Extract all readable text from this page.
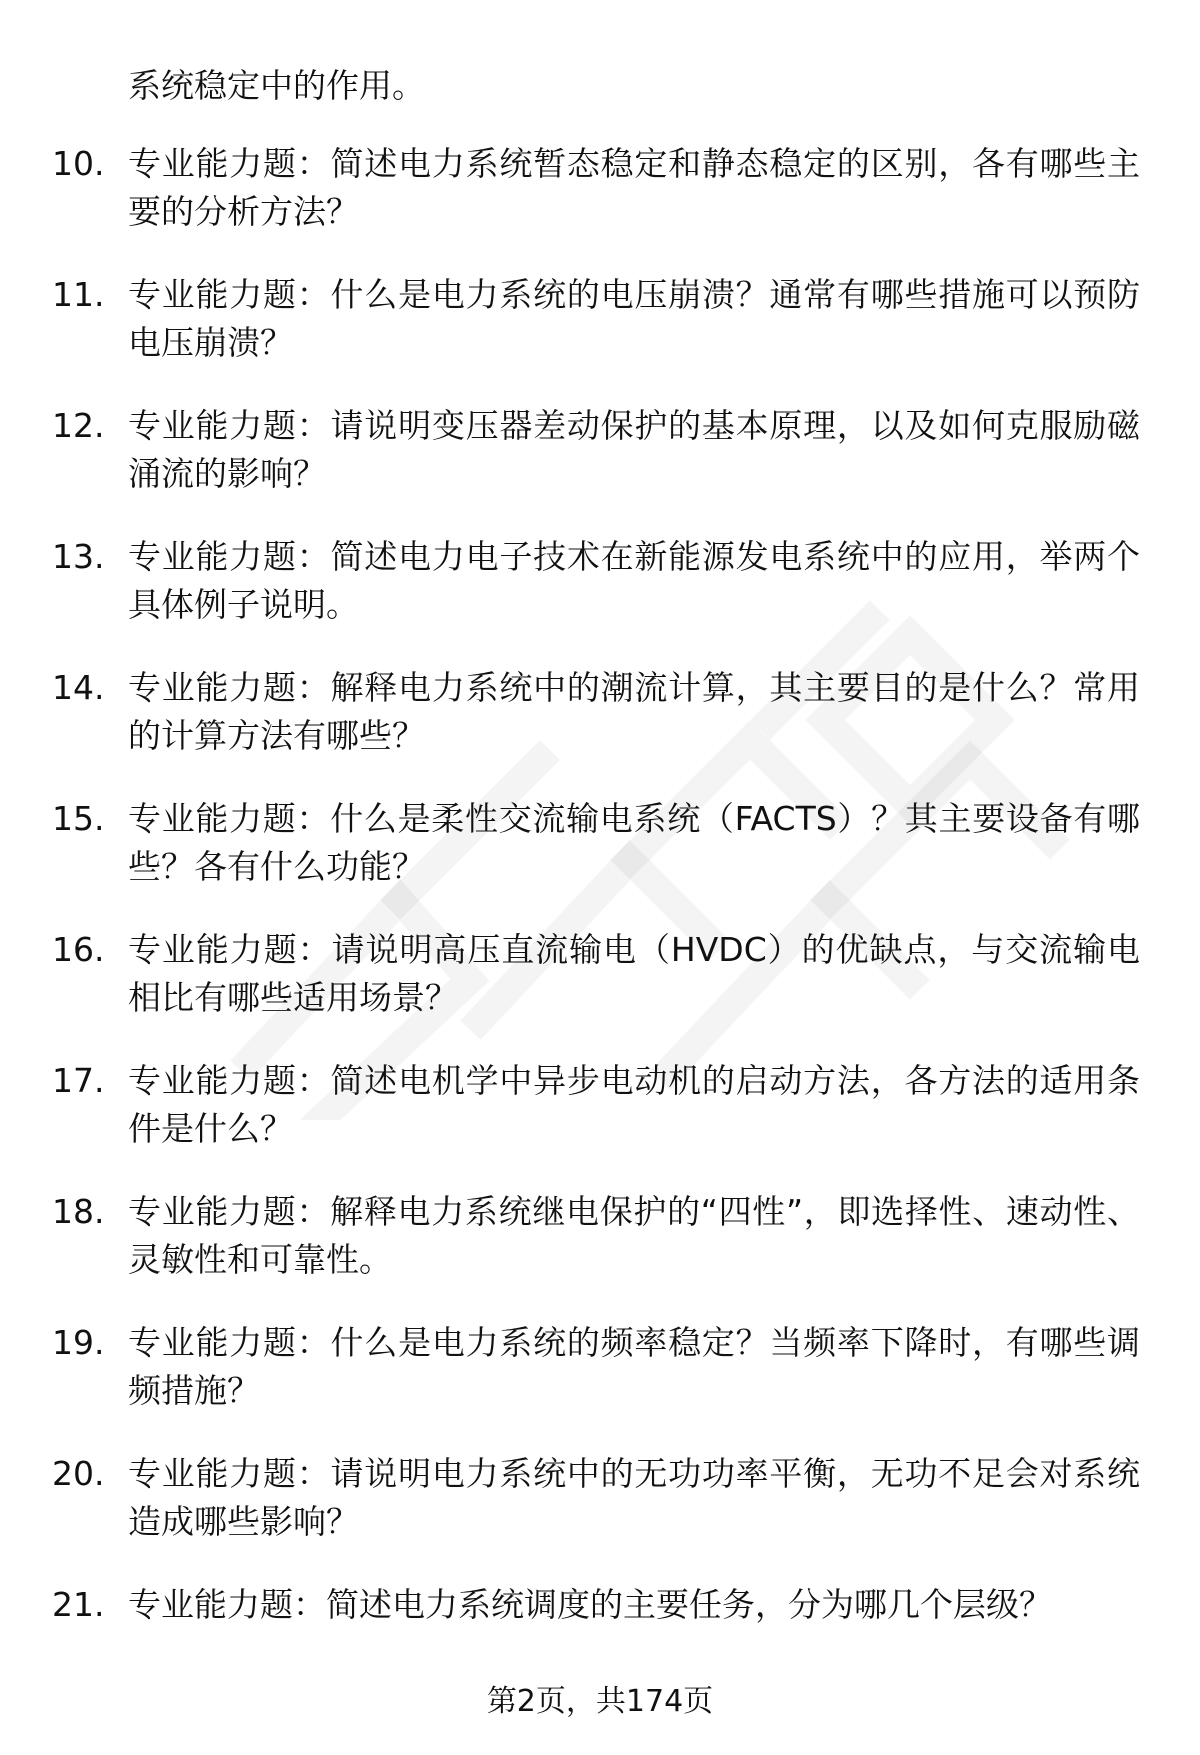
系统稳定中的作用。
10. 专业能力题：简述电力系统暂态稳定和静态稳定的区别，各有哪些主要的分析方法？
11. 专业能力题：什么是电力系统的电压崩溃？通常有哪些措施可以预防电压崩溃？
12. 专业能力题：请说明变压器差动保护的基本原理，以及如何克服励磁涌流的影响？
13. 专业能力题：简述电力电子技术在新能源发电系统中的应用，举两个具体例子说明。
14. 专业能力题：解释电力系统中的潮流计算，其主要目的是什么？常用的计算方法有哪些？
15. 专业能力题：什么是柔性交流输电系统（FACTS）？其主要设备有哪些？各有什么功能？
16. 专业能力题：请说明高压直流输电（HVDC）的优缺点，与交流输电相比有哪些适用场景？
17. 专业能力题：简述电机学中异步电动机的启动方法，各方法的适用条件是什么？
18. 专业能力题：解释电力系统继电保护的“四性”，即选择性、速动性、灵敏性和可靠性。
19. 专业能力题：什么是电力系统的频率稳定？当频率下降时，有哪些调频措施？
20. 专业能力题：请说明电力系统中的无功功率平衡，无功不足会对系统造成哪些影响？
21. 专业能力题：简述电力系统调度的主要任务，分为哪几个层级？
第2页，共174页
